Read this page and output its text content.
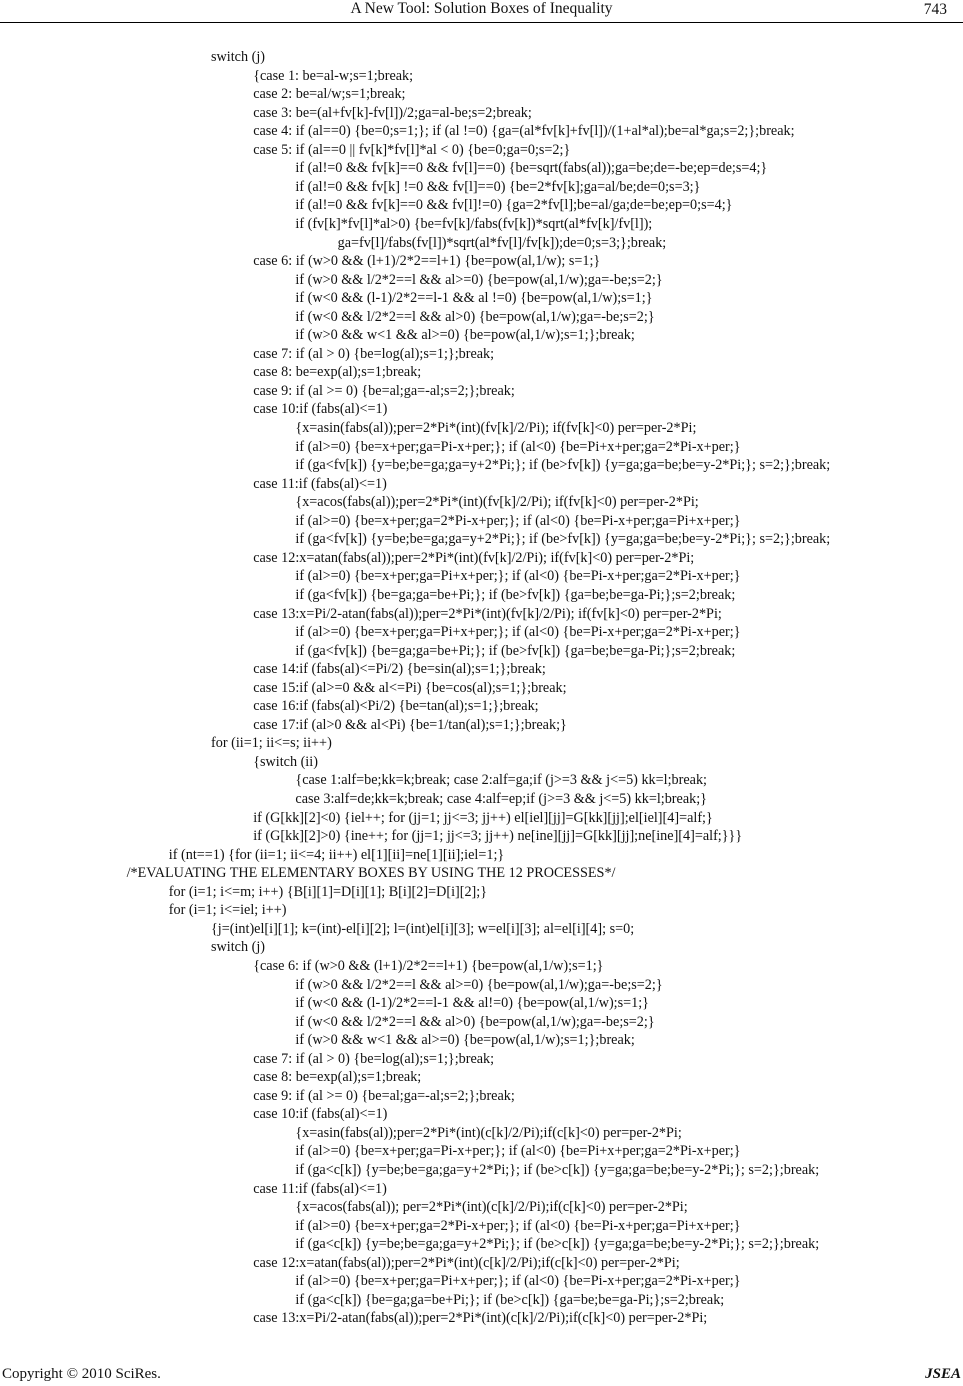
A New Tool: Solution Boxes of Inequality	743
switch (j)
{case 1: be=al-w;s=1;break;
case 2: be=al/w;s=1;break;
case 3: be=(al+fv[k]-fv[l])/2;ga=al-be;s=2;break;
case 4: if (al==0) {be=0;s=1;}; if (al !=0) {ga=(al*fv[k]+fv[l])/(1+al*al);be=al*ga;s=2;};break;
case 5: if (al==0 || fv[k]*fv[l]*al < 0) {be=0;ga=0;s=2;}
if (al!=0 && fv[k]==0 && fv[l]==0) {be=sqrt(fabs(al));ga=be;de=-be;ep=de;s=4;}
if (al!=0 && fv[k] !=0 && fv[l]==0) {be=2*fv[k];ga=al/be;de=0;s=3;}
if (al!=0 && fv[k]==0 && fv[l]!=0) {ga=2*fv[l];be=al/ga;de=be;ep=0;s=4;}
if (fv[k]*fv[l]*al>0) {be=fv[k]/fabs(fv[k])*sqrt(al*fv[k]/fv[l]);
ga=fv[l]/fabs(fv[l])*sqrt(al*fv[l]/fv[k]);de=0;s=3;};break;
case 6: if (w>0 && (l+1)/2*2==l+1) {be=pow(al,1/w); s=1;}
if (w>0 && l/2*2==l && al>=0) {be=pow(al,1/w);ga=-be;s=2;}
if (w<0 && (l-1)/2*2==l-1 && al !=0) {be=pow(al,1/w);s=1;}
if (w<0 && l/2*2==l && al>0) {be=pow(al,1/w);ga=-be;s=2;}
if (w>0 && w<1 && al>=0) {be=pow(al,1/w);s=1;};break;
case 7: if (al > 0) {be=log(al);s=1;};break;
case 8: be=exp(al);s=1;break;
case 9: if (al >= 0) {be=al;ga=-al;s=2;};break;
case 10:if (fabs(al)<=1)
{x=asin(fabs(al));per=2*Pi*(int)(fv[k]/2/Pi); if(fv[k]<0) per=per-2*Pi;
if (al>=0) {be=x+per;ga=Pi-x+per;}; if (al<0) {be=Pi+x+per;ga=2*Pi-x+per;}
if (ga<fv[k]) {y=be;be=ga;ga=y+2*Pi;}; if (be>fv[k]) {y=ga;ga=be;be=y-2*Pi;}; s=2;};break;
case 11:if (fabs(al)<=1)
{x=acos(fabs(al));per=2*Pi*(int)(fv[k]/2/Pi); if(fv[k]<0) per=per-2*Pi;
if (al>=0) {be=x+per;ga=2*Pi-x+per;}; if (al<0) {be=Pi-x+per;ga=Pi+x+per;}
if (ga<fv[k]) {y=be;be=ga;ga=y+2*Pi;}; if (be>fv[k]) {y=ga;ga=be;be=y-2*Pi;}; s=2;};break;
case 12:x=atan(fabs(al));per=2*Pi*(int)(fv[k]/2/Pi); if(fv[k]<0) per=per-2*Pi;
if (al>=0) {be=x+per;ga=Pi+x+per;}; if (al<0) {be=Pi-x+per;ga=2*Pi-x+per;}
if (ga<fv[k]) {be=ga;ga=be+Pi;}; if (be>fv[k]) {ga=be;be=ga-Pi;};s=2;break;
case 13:x=Pi/2-atan(fabs(al));per=2*Pi*(int)(fv[k]/2/Pi); if(fv[k]<0) per=per-2*Pi;
if (al>=0) {be=x+per;ga=Pi+x+per;}; if (al<0) {be=Pi-x+per;ga=2*Pi-x+per;}
if (ga<fv[k]) {be=ga;ga=be+Pi;}; if (be>fv[k]) {ga=be;be=ga-Pi;};s=2;break;
case 14:if (fabs(al)<=Pi/2) {be=sin(al);s=1;};break;
case 15:if (al>=0 && al<=Pi) {be=cos(al);s=1;};break;
case 16:if (fabs(al)<Pi/2) {be=tan(al);s=1;};break;
case 17:if (al>0 && al<Pi) {be=1/tan(al);s=1;};break;}
for (ii=1; ii<=s; ii++)
{switch (ii)
{case 1:alf=be;kk=k;break; case 2:alf=ga;if (j>=3 && j<=5) kk=l;break;
case 3:alf=de;kk=k;break; case 4:alf=ep;if (j>=3 && j<=5) kk=l;break;}
if (G[kk][2]<0) {iel++; for (jj=1; jj<=3; jj++) el[iel][jj]=G[kk][jj];el[iel][4]=alf;}
if (G[kk][2]>0) {ine++; for (jj=1; jj<=3; jj++) ne[ine][jj]=G[kk][jj];ne[ine][4]=alf;}}}
if (nt==1) {for (ii=1; ii<=4; ii++) el[1][ii]=ne[1][ii];iel=1;}
/*EVALUATING THE ELEMENTARY BOXES BY USING THE 12 PROCESSES*/
for (i=1; i<=m; i++) {B[i][1]=D[i][1]; B[i][2]=D[i][2];}
for (i=1; i<=iel; i++)
{j=(int)el[i][1]; k=(int)-el[i][2]; l=(int)el[i][3]; w=el[i][3]; al=el[i][4]; s=0;
switch (j)
{case 6: if (w>0 && (l+1)/2*2==l+1) {be=pow(al,1/w);s=1;}
if (w>0 && l/2*2==l && al>=0) {be=pow(al,1/w);ga=-be;s=2;}
if (w<0 && (l-1)/2*2==l-1 && al!=0) {be=pow(al,1/w);s=1;}
if (w<0 && l/2*2==l && al>0) {be=pow(al,1/w);ga=-be;s=2;}
if (w>0 && w<1 && al>=0) {be=pow(al,1/w);s=1;};break;
case 7: if (al > 0) {be=log(al);s=1;};break;
case 8: be=exp(al);s=1;break;
case 9: if (al >= 0) {be=al;ga=-al;s=2;};break;
case 10:if (fabs(al)<=1)
{x=asin(fabs(al));per=2*Pi*(int)(c[k]/2/Pi);if(c[k]<0) per=per-2*Pi;
if (al>=0) {be=x+per;ga=Pi-x+per;}; if (al<0) {be=Pi+x+per;ga=2*Pi-x+per;}
if (ga<c[k]) {y=be;be=ga;ga=y+2*Pi;}; if (be>c[k]) {y=ga;ga=be;be=y-2*Pi;}; s=2;};break;
case 11:if (fabs(al)<=1)
{x=acos(fabs(al)); per=2*Pi*(int)(c[k]/2/Pi);if(c[k]<0) per=per-2*Pi;
if (al>=0) {be=x+per;ga=2*Pi-x+per;}; if (al<0) {be=Pi-x+per;ga=Pi+x+per;}
if (ga<c[k]) {y=be;be=ga;ga=y+2*Pi;}; if (be>c[k]) {y=ga;ga=be;be=y-2*Pi;}; s=2;};break;
case 12:x=atan(fabs(al));per=2*Pi*(int)(c[k]/2/Pi);if(c[k]<0) per=per-2*Pi;
if (al>=0) {be=x+per;ga=Pi+x+per;}; if (al<0) {be=Pi-x+per;ga=2*Pi-x+per;}
if (ga<c[k]) {be=ga;ga=be+Pi;}; if (be>c[k]) {ga=be;be=ga-Pi;};s=2;break;
case 13:x=Pi/2-atan(fabs(al));per=2*Pi*(int)(c[k]/2/Pi);if(c[k]<0) per=per-2*Pi;
Copyright © 2010 SciRes.	JSEA
